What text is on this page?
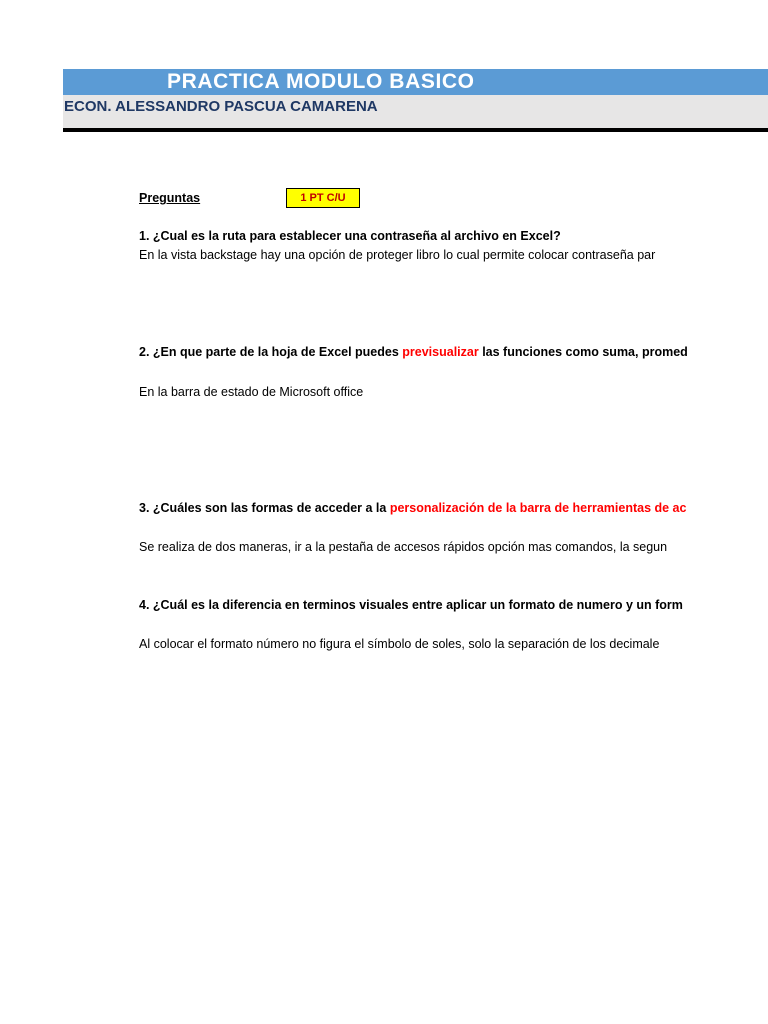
PRACTICA MODULO BASICO
ECON. ALESSANDRO PASCUA CAMARENA
Preguntas	1 PT C/U
1. ¿Cual es la ruta para establecer una contraseña al archivo en Excel?
En la vista backstage hay una opción de proteger libro lo cual permite colocar contraseña par
2. ¿En que parte de la hoja de Excel puedes previsualizar las funciones como suma, promed
En la barra de estado de Microsoft office
3. ¿Cuáles son las formas de acceder a la personalización de la barra de herramientas de ac
Se realiza de dos maneras, ir a la pestaña de accesos rápidos opción mas comandos, la segun
4. ¿Cuál es la diferencia en terminos visuales entre aplicar un formato de numero y un form
Al colocar el formato número no figura el símbolo de soles, solo la separación de los decimale
